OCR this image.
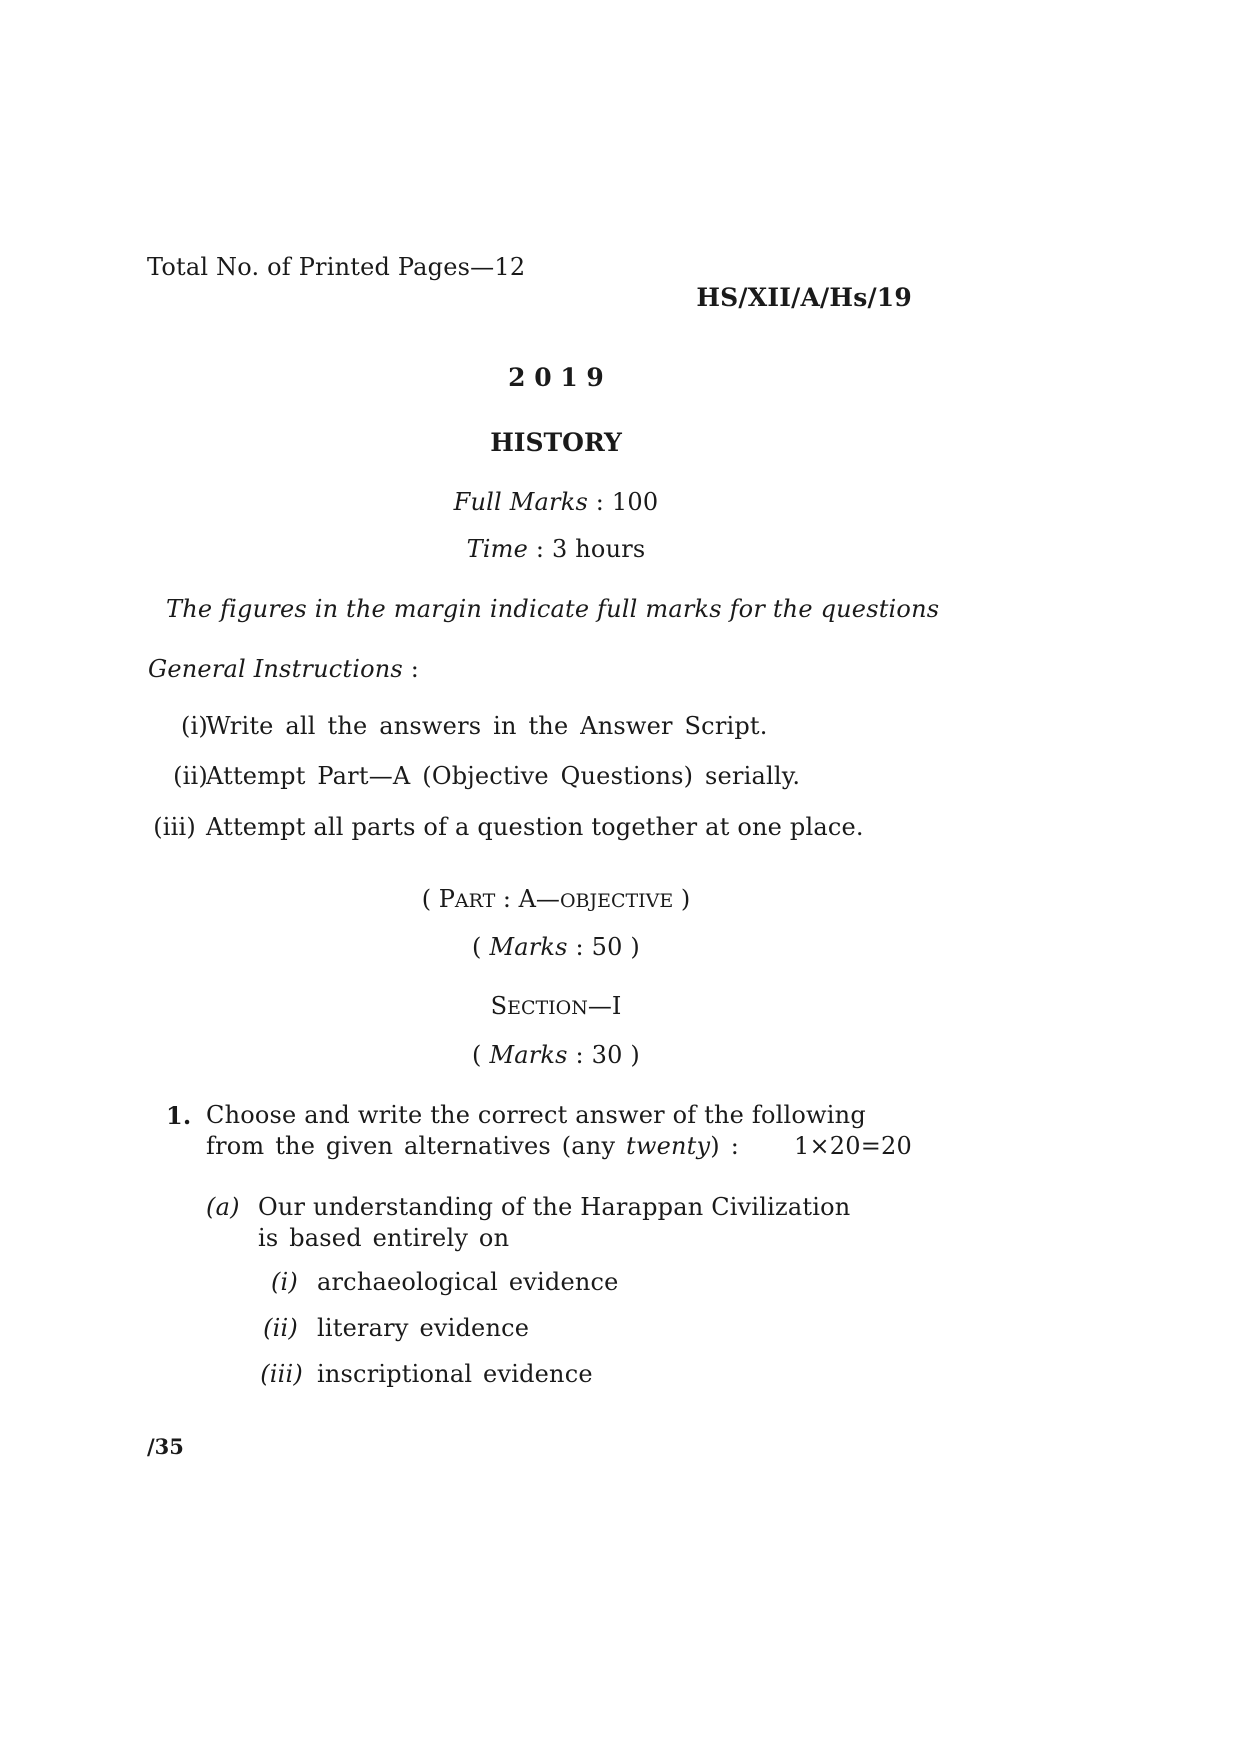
Total No. of Printed Pages—12
HS/XII/A/Hs/19
2 0 1 9
HISTORY
Full Marks : 100
Time : 3 hours
The figures in the margin indicate full marks for the questions
General Instructions :
(i)
Write all the answers in the Answer Script.
(ii)
Attempt Part—A (Objective Questions) serially.
(iii) Attempt all parts of a question together at one place.
( PART : A—OBJECTIVE )
( Marks : 50 )
SECTION—I
( Marks : 30 )
1. Choose and write the correct answer of the following
from the given alternatives (any twenty) : 1×20=20
(a) Our understanding of the Harappan Civilization
is based entirely on
(i) archaeological evidence
(ii) literary evidence
(iii) inscriptional evidence
/35
